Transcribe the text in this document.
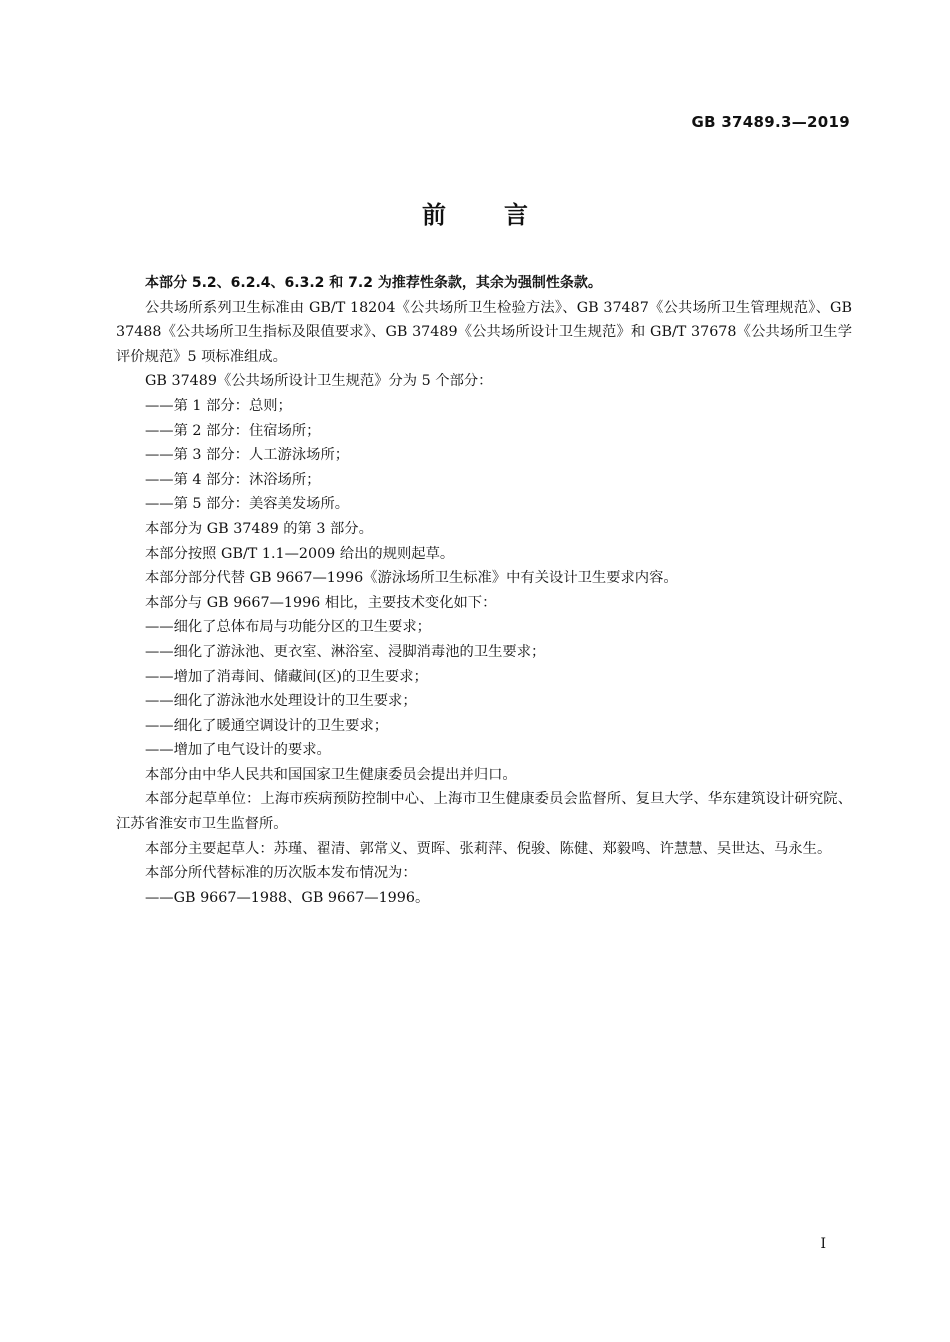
GB 37489.3—2019
前言

本部分 5.2、6.2.4、6.3.2 和 7.2 为推荐性条款，其余为强制性条款。

公共场所系列卫生标准由 GB/T 18204《公共场所卫生检验方法》、GB 37487《公共场所卫生管理规范》、GB 37488《公共场所卫生指标及限值要求》、GB 37489《公共场所设计卫生规范》和 GB/T 37678《公共场所卫生学评价规范》5 项标准组成。

GB 37489《公共场所设计卫生规范》分为 5 个部分：

——第 1 部分：总则；

——第 2 部分：住宿场所；

——第 3 部分：人工游泳场所；

——第 4 部分：沐浴场所；

——第 5 部分：美容美发场所。

本部分为 GB 37489 的第 3 部分。

本部分按照 GB/T 1.1—2009 给出的规则起草。

本部分部分代替 GB 9667—1996《游泳场所卫生标准》中有关设计卫生要求内容。

本部分与 GB 9667—1996 相比，主要技术变化如下：

——细化了总体布局与功能分区的卫生要求；

——细化了游泳池、更衣室、淋浴室、浸脚消毒池的卫生要求；

——增加了消毒间、储藏间(区)的卫生要求；

——细化了游泳池水处理设计的卫生要求；

——细化了暖通空调设计的卫生要求；

——增加了电气设计的要求。

本部分由中华人民共和国国家卫生健康委员会提出并归口。

本部分起草单位：上海市疾病预防控制中心、上海市卫生健康委员会监督所、复旦大学、华东建筑设计研究院、江苏省淮安市卫生监督所。

本部分主要起草人：苏瑾、翟清、郭常义、贾晖、张莉萍、倪骏、陈健、郑毅鸣、许慧慧、吴世达、马永生。

本部分所代替标准的历次版本发布情况为：

——GB 9667—1988、GB 9667—1996。

I
